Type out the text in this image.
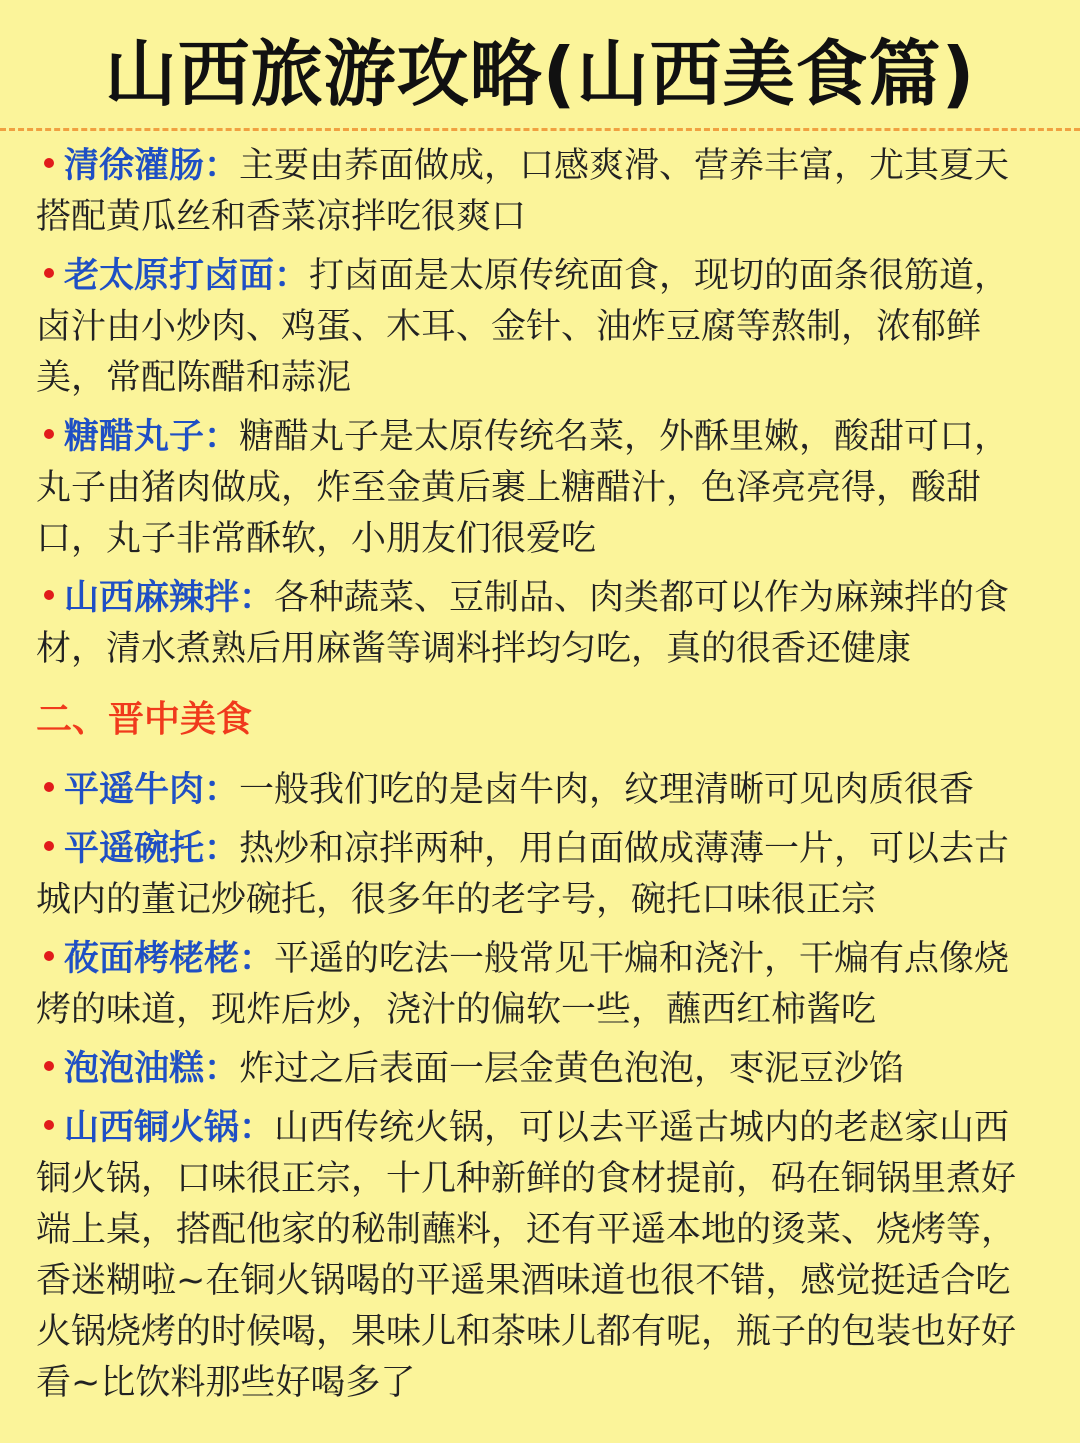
山西旅游攻略(山西美食篇)

清徐灌肠：主要由荞面做成，口感爽滑、营养丰富，尤其夏天搭配黄瓜丝和香菜凉拌吃很爽口

老太原打卤面：打卤面是太原传统面食，现切的面条很筋道，卤汁由小炒肉、鸡蛋、木耳、金针、油炸豆腐等熬制，浓郁鲜美，常配陈醋和蒜泥

糖醋丸子：糖醋丸子是太原传统名菜，外酥里嫩，酸甜可口，丸子由猪肉做成，炸至金黄后裹上糖醋汁，色泽亮亮得，酸甜口，丸子非常酥软，小朋友们很爱吃

山西麻辣拌：各种蔬菜、豆制品、肉类都可以作为麻辣拌的食材，清水煮熟后用麻酱等调料拌均匀吃，真的很香还健康

二、晋中美食

平遥牛肉：一般我们吃的是卤牛肉，纹理清晰可见肉质很香

平遥碗托：热炒和凉拌两种，用白面做成薄薄一片，可以去古城内的董记炒碗托，很多年的老字号，碗托口味很正宗

莜面栲栳栳：平遥的吃法一般常见干煸和浇汁，干煸有点像烧烤的味道，现炸后炒，浇汁的偏软一些，蘸西红柿酱吃

泡泡油糕：炸过之后表面一层金黄色泡泡，枣泥豆沙馅

山西铜火锅：山西传统火锅，可以去平遥古城内的老赵家山西铜火锅，口味很正宗，十几种新鲜的食材提前，码在铜锅里煮好端上桌，搭配他家的秘制蘸料，还有平遥本地的烫菜、烧烤等，香迷糊啦~在铜火锅喝的平遥果酒味道也很不错，感觉挺适合吃火锅烧烤的时候喝，果味儿和茶味儿都有呢，瓶子的包装也好好看~比饮料那些好喝多了
